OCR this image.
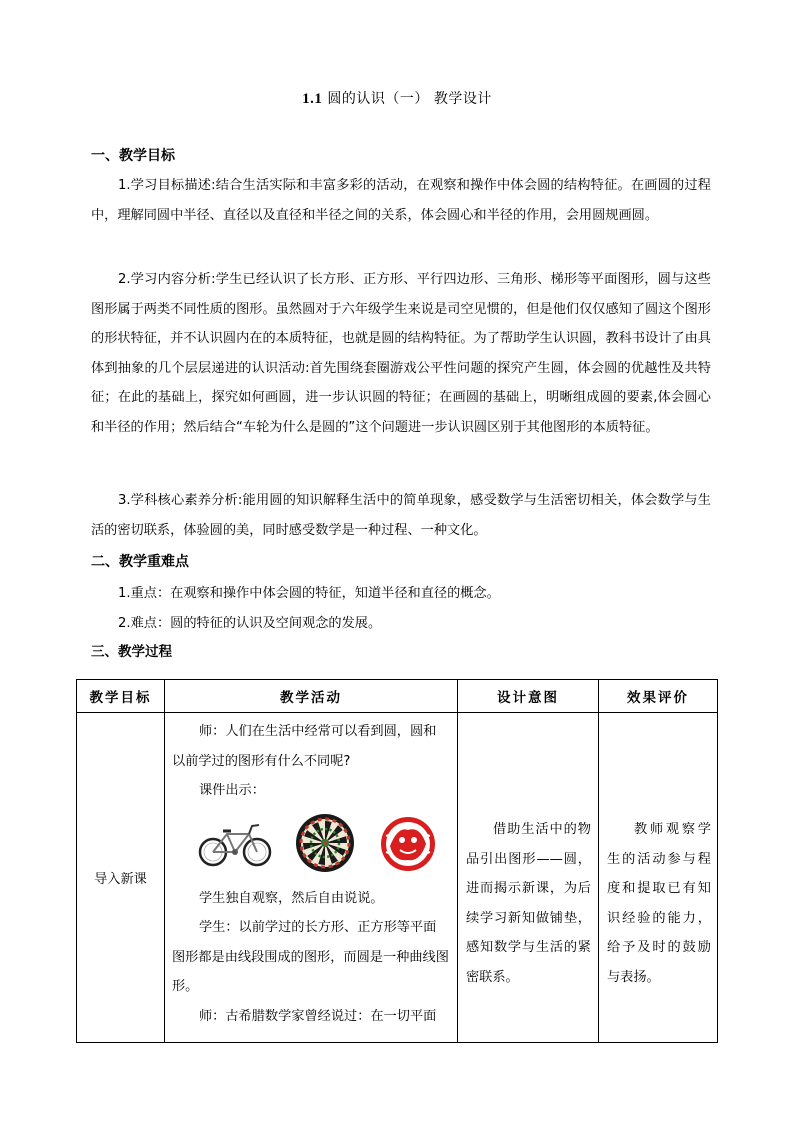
1.1 圆的认识（一） 教学设计
一、教学目标

1.学习目标描述:结合生活实际和丰富多彩的活动，在观察和操作中体会圆的结构特征。在画圆的过程中，理解同圆中半径、直径以及直径和半径之间的关系，体会圆心和半径的作用，会用圆规画圆。

2.学习内容分析:学生已经认识了长方形、正方形、平行四边形、三角形、梯形等平面图形，圆与这些图形属于两类不同性质的图形。虽然圆对于六年级学生来说是司空见惯的，但是他们仅仅感知了圆这个图形的形状特征，并不认识圆内在的本质特征，也就是圆的结构特征。为了帮助学生认识圆，教科书设计了由具体到抽象的几个层层递进的认识活动:首先围绕套圈游戏公平性问题的探究产生圆，体会圆的优越性及共特征；在此的基础上，探究如何画圆，进一步认识圆的特征；在画圆的基础上，明晰组成圆的要素,体会圆心和半径的作用；然后结合“车轮为什么是圆的”这个问题进一步认识圆区别于其他图形的本质特征。

3.学科核心素养分析:能用圆的知识解释生活中的简单现象，感受数学与生活密切相关，体会数学与生活的密切联系，体验圆的美，同时感受数学是一种过程、一种文化。

二、教学重难点
1.重点：在观察和操作中体会圆的特征，知道半径和直径的概念。
2.难点：圆的特征的认识及空间观念的发展。
三、教学过程
教学目标	教学活动	设计意图	效果评价
导入新课	师：人们在生活中经常可以看到圆，圆和以前学过的图形有什么不同呢?

课件出示：

学生独自观察，然后自由说说。

学生：以前学过的长方形、正方形等平面图形都是由线段围成的图形，而圆是一种曲线图形。

师：古希腊数学家曾经说过：在一切平面	借助生活中的物品引出图形——圆，进而揭示新课，为后续学习新知做铺垫，感知数学与生活的紧密联系。	教师观察学生的活动参与程度和提取已有知识经验的能力，给予及时的鼓励与表扬。
